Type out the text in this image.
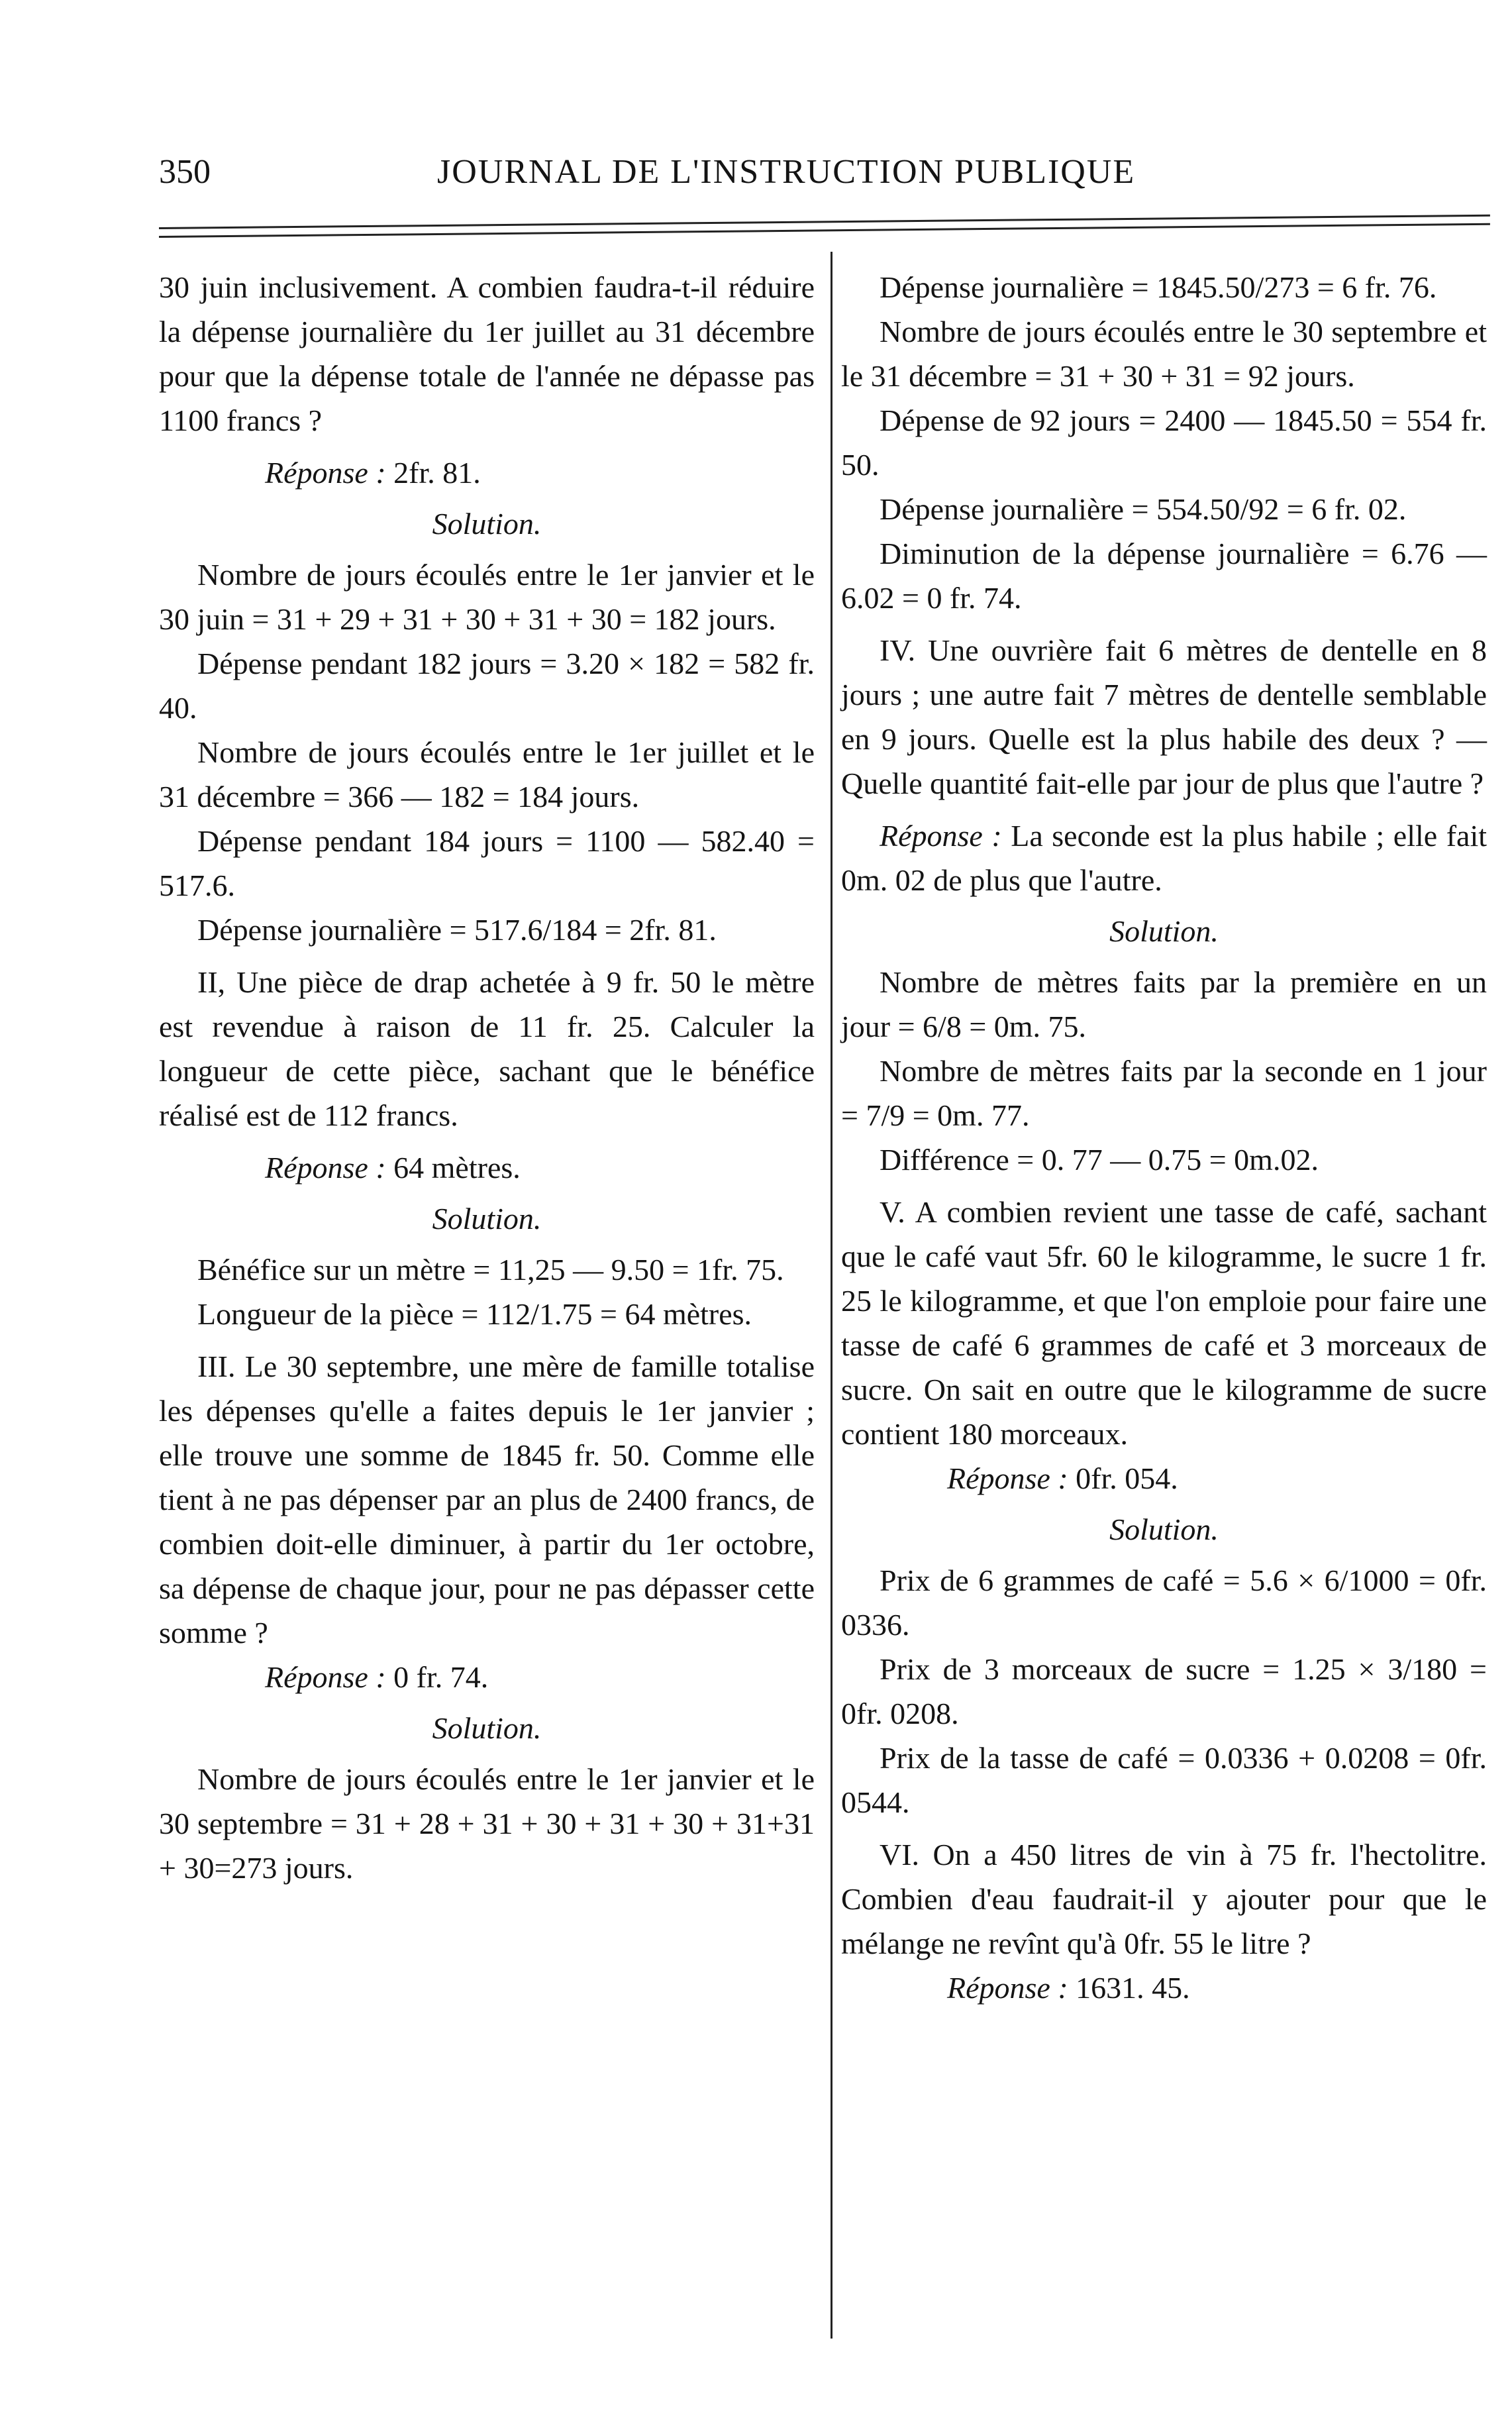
350	JOURNAL DE L'INSTRUCTION PUBLIQUE

30 juin inclusivement. A combien faudra-t-il réduire la dépense journalière du 1er juillet au 31 décembre pour que la dépense totale de l'année ne dépasse pas 1100 francs ?

Réponse : 2fr. 81.

Solution.

Nombre de jours écoulés entre le 1er janvier et le 30 juin = 31 + 29 + 31 + 30 + 31 + 30 = 182 jours.

Dépense pendant 182 jours = 3.20 × 182 = 582 fr. 40.

Nombre de jours écoulés entre le 1er juillet et le 31 décembre = 366 — 182 = 184 jours.

Dépense pendant 184 jours = 1100 — 582.40 = 517.6.

Dépense journalière = 517.6/184 = 2fr. 81.

II, Une pièce de drap achetée à 9 fr. 50 le mètre est revendue à raison de 11 fr. 25. Calculer la longueur de cette pièce, sachant que le bénéfice réalisé est de 112 francs.

Réponse : 64 mètres.

Solution.

Bénéfice sur un mètre = 11,25 — 9.50 = 1fr. 75.

Longueur de la pièce = 112/1.75 = 64 mètres.

III. Le 30 septembre, une mère de famille totalise les dépenses qu'elle a faites depuis le 1er janvier ; elle trouve une somme de 1845 fr. 50. Comme elle tient à ne pas dépenser par an plus de 2400 francs, de combien doit-elle diminuer, à partir du 1er octobre, sa dépense de chaque jour, pour ne pas dépasser cette somme ?

Réponse : 0 fr. 74.

Solution.

Nombre de jours écoulés entre le 1er janvier et le 30 septembre = 31 + 28 + 31 + 30 + 31 + 30 + 31+31 + 30=273 jours.

Dépense journalière = 1845.50/273 = 6 fr. 76.

Nombre de jours écoulés entre le 30 septembre et le 31 décembre = 31 + 30 + 31 = 92 jours.

Dépense de 92 jours = 2400 — 1845.50 = 554 fr. 50.

Dépense journalière = 554.50/92 = 6 fr. 02.

Diminution de la dépense journalière = 6.76 — 6.02 = 0 fr. 74.

IV. Une ouvrière fait 6 mètres de dentelle en 8 jours ; une autre fait 7 mètres de dentelle semblable en 9 jours. Quelle est la plus habile des deux ? — Quelle quantité fait-elle par jour de plus que l'autre ?

Réponse : La seconde est la plus habile ; elle fait 0m. 02 de plus que l'autre.

Solution.

Nombre de mètres faits par la première en un jour = 6/8 = 0m. 75.

Nombre de mètres faits par la seconde en 1 jour = 7/9 = 0m. 77.

Différence = 0. 77 — 0.75 = 0m.02.

V. A combien revient une tasse de café, sachant que le café vaut 5fr. 60 le kilogramme, le sucre 1 fr. 25 le kilogramme, et que l'on emploie pour faire une tasse de café 6 grammes de café et 3 morceaux de sucre. On sait en outre que le kilogramme de sucre contient 180 morceaux.

Réponse : 0fr. 054.

Solution.

Prix de 6 grammes de café = 5.6 × 6/1000 = 0fr. 0336.

Prix de 3 morceaux de sucre = 1.25 × 3/180 = 0fr. 0208.

Prix de la tasse de café = 0.0336 + 0.0208 = 0fr. 0544.

VI. On a 450 litres de vin à 75 fr. l'hectolitre. Combien d'eau faudrait-il y ajouter pour que le mélange ne revînt qu'à 0fr. 55 le litre ?

Réponse : 1631. 45.
